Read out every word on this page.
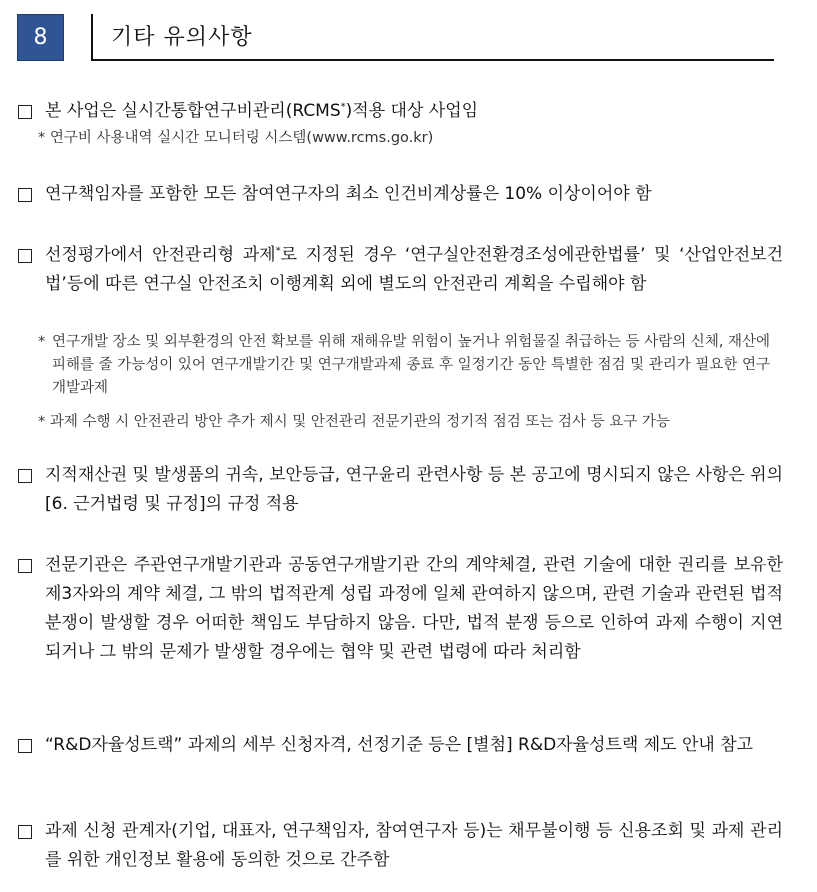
8	기타 유의사항
본 사업은 실시간통합연구비관리(RCMS*)적용 대상 사업임
* 연구비 사용내역 실시간 모니터링 시스템(www.rcms.go.kr)
연구책임자를 포함한 모든 참여연구자의 최소 인건비계상률은 10% 이상이어야 함
선정평가에서 안전관리형 과제*로 지정된 경우 ‘연구실안전환경조성에관한법률’ 및 ‘산업안전보건법’등에 따른 연구실 안전조치 이행계획 외에 별도의 안전관리 계획을 수립해야 함
* 연구개발 장소 및 외부환경의 안전 확보를 위해 재해유발 위험이 높거나 위험물질 취급하는 등 사람의 신체, 재산에 피해를 줄 가능성이 있어 연구개발기간 및 연구개발과제 종료 후 일정기간 동안 특별한 점검 및 관리가 필요한 연구개발과제
* 과제 수행 시 안전관리 방안 추가 제시 및 안전관리 전문기관의 정기적 점검 또는 검사 등 요구 가능
지적재산권 및 발생품의 귀속, 보안등급, 연구윤리 관련사항 등 본 공고에 명시되지 않은 사항은 위의 [6. 근거법령 및 규정]의 규정 적용
전문기관은 주관연구개발기관과 공동연구개발기관 간의 계약체결, 관련 기술에 대한 권리를 보유한 제3자와의 계약 체결, 그 밖의 법적관계 성립 과정에 일체 관여하지 않으며, 관련 기술과 관련된 법적 분쟁이 발생할 경우 어떠한 책임도 부담하지 않음. 다만, 법적 분쟁 등으로 인하여 과제 수행이 지연되거나 그 밖의 문제가 발생할 경우에는 협약 및 관련 법령에 따라 처리함
“R&D자율성트랙” 과제의 세부 신청자격, 선정기준 등은 [별첨] R&D자율성트랙 제도 안내 참고
과제 신청 관계자(기업, 대표자, 연구책임자, 참여연구자 등)는 채무불이행 등 신용조회 및 과제 관리를 위한 개인정보 활용에 동의한 것으로 간주함
